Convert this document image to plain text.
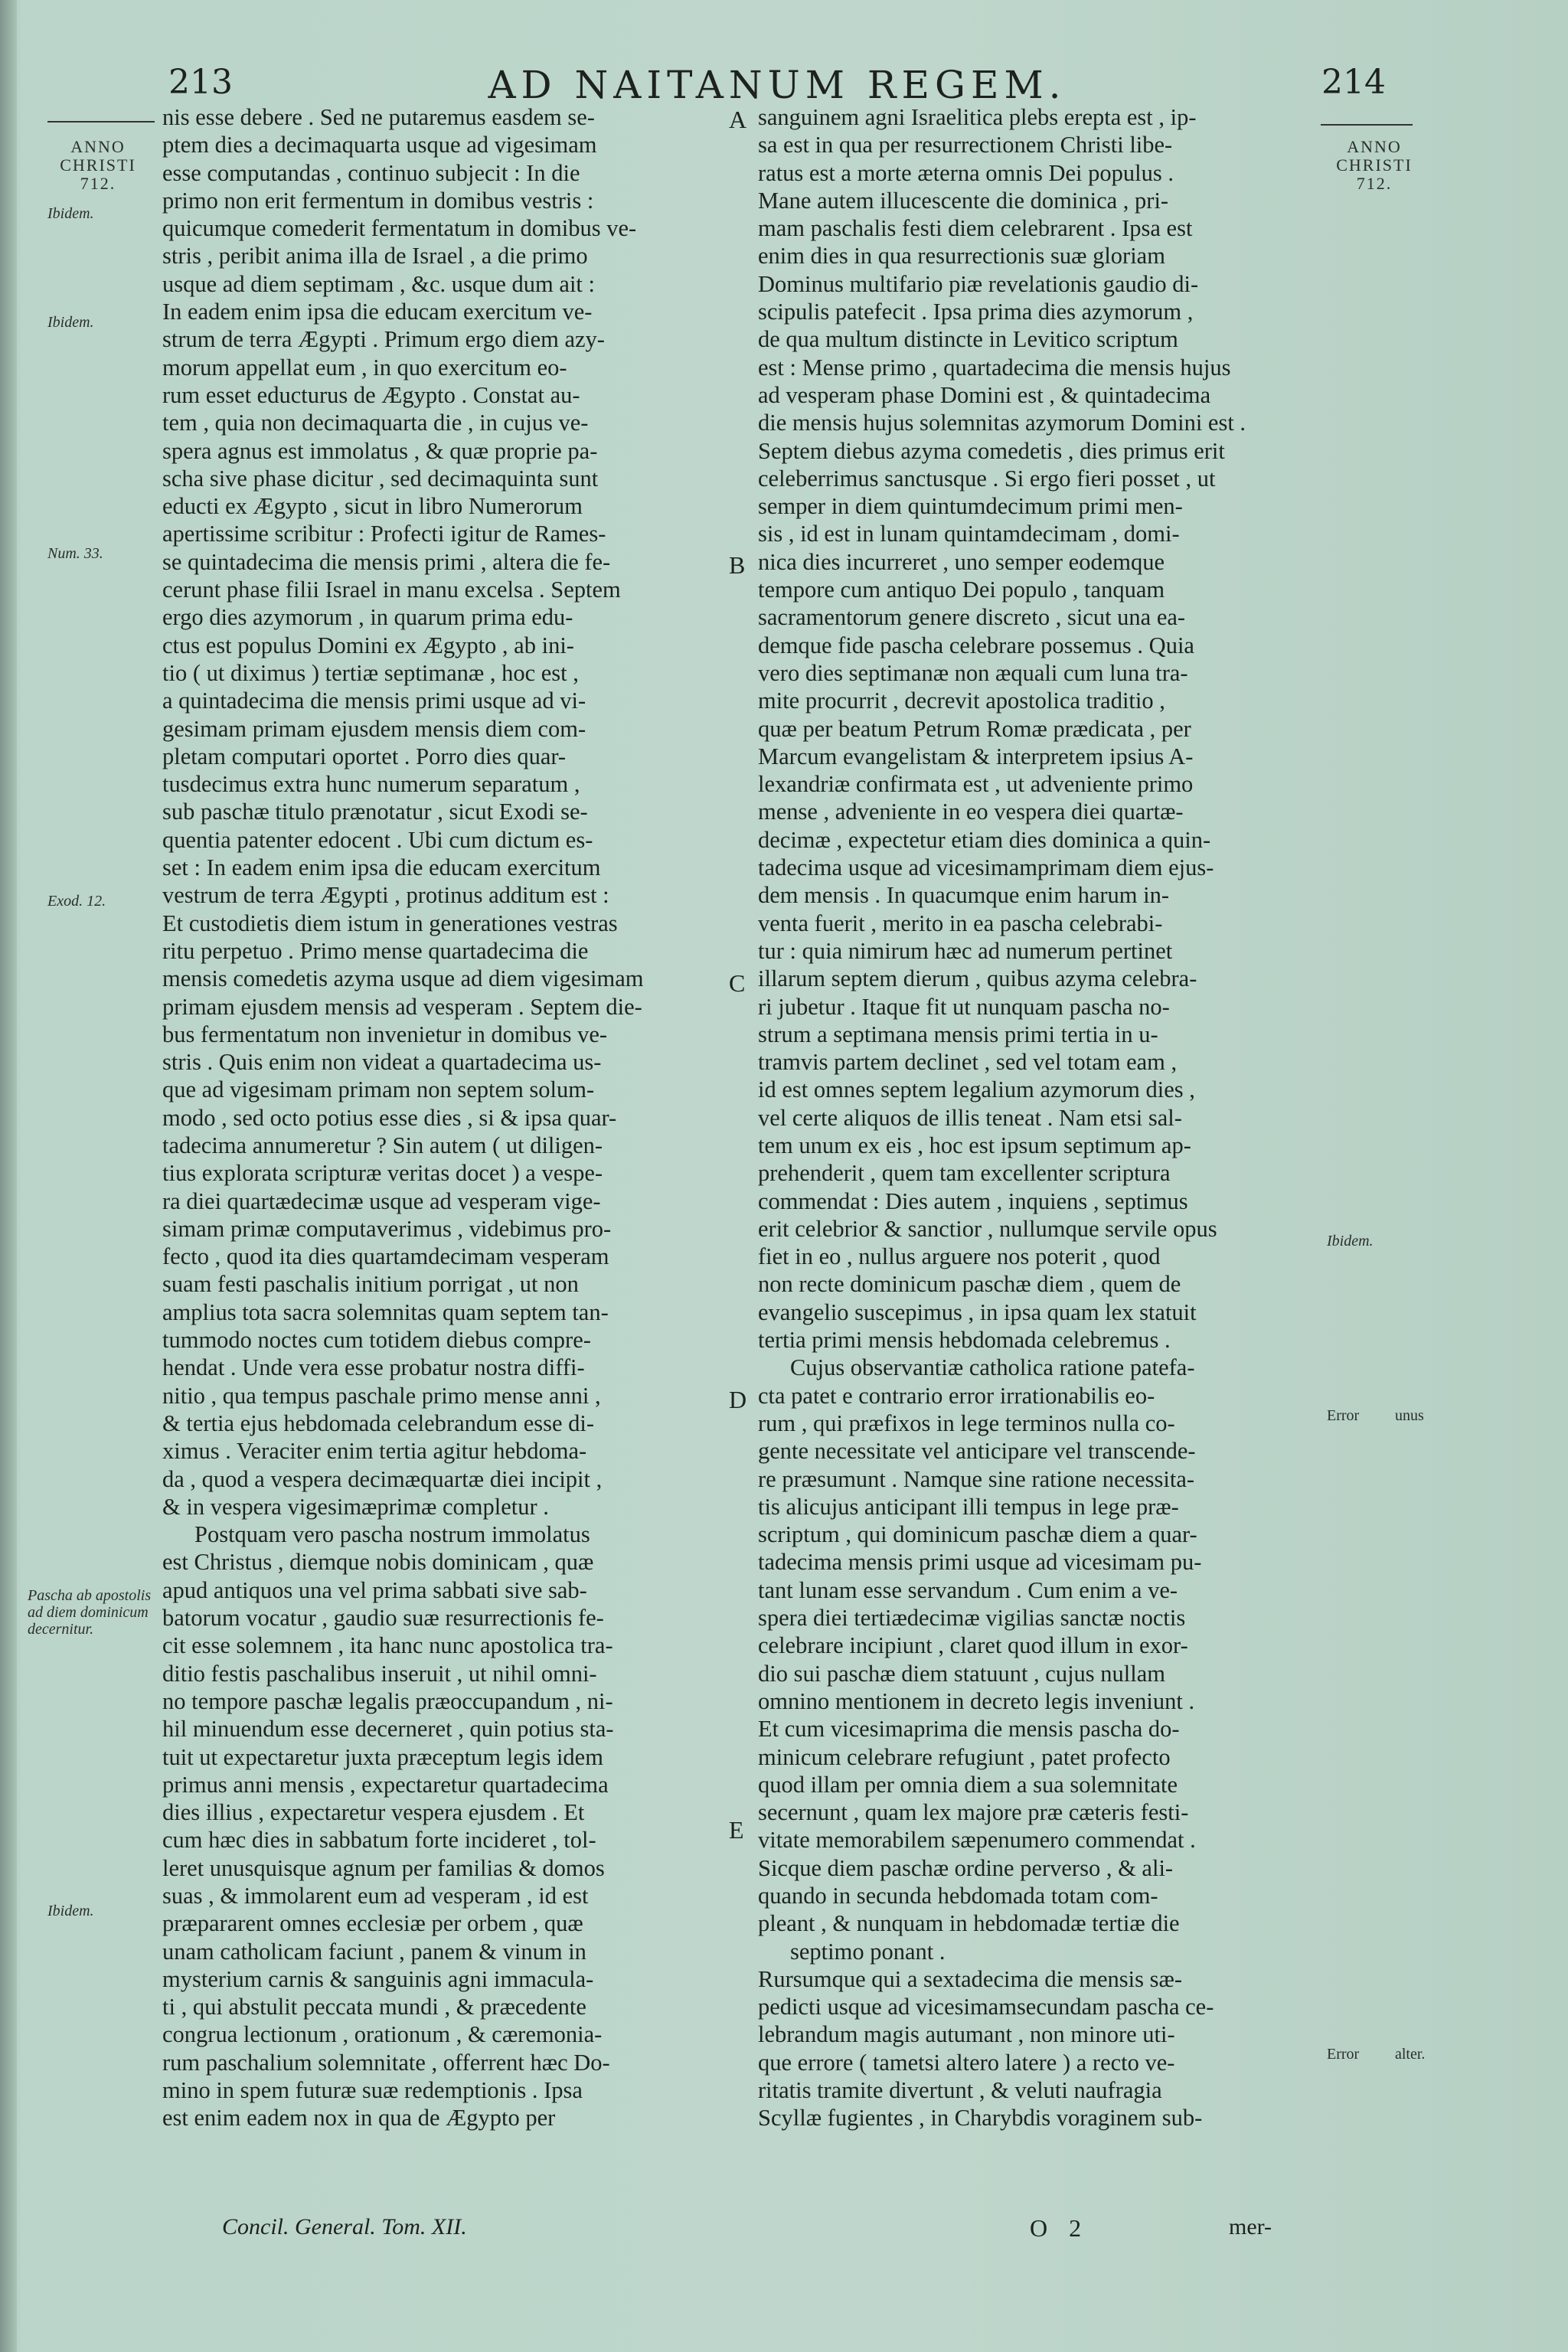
213	AD NAITANUM REGEM.	214
ANNO CHRISTI 712.
Ibidem.
Ibidem.
Num. 33.
Exod. 12.
Pascha ab apostolis ad diem dominicum decernitur.
Ibidem.
ANNO CHRISTI 712.
Ibidem.
Error unus
Error alter.
A
B
C
D
E
nis esse debere . Sed ne putaremus easdem se-
ptem dies a decimaquarta usque ad vigesimam
esse computandas , continuo subjecit : In die
primo non erit fermentum in domibus vestris :
quicumque comederit fermentatum in domibus ve-
stris , peribit anima illa de Israel , a die primo
usque ad diem septimam , &c. usque dum ait :
In eadem enim ipsa die educam exercitum ve-
strum de terra Ægypti . Primum ergo diem azy-
morum appellat eum , in quo exercitum eo-
rum esset educturus de Ægypto . Constat au-
tem , quia non decimaquarta die , in cujus ve-
spera agnus est immolatus , & quæ proprie pa-
scha sive phase dicitur , sed decimaquinta sunt
educti ex Ægypto , sicut in libro Numerorum
apertissime scribitur : Profecti igitur de Rames-
se quintadecima die mensis primi , altera die fe-
cerunt phase filii Israel in manu excelsa . Septem
ergo dies azymorum , in quarum prima edu-
ctus est populus Domini ex Ægypto , ab ini-
tio ( ut diximus ) tertiæ septimanæ , hoc est ,
a quintadecima die mensis primi usque ad vi-
gesimam primam ejusdem mensis diem com-
pletam computari oportet . Porro dies quar-
tusdecimus extra hunc numerum separatum ,
sub paschæ titulo prænotatur , sicut Exodi se-
quentia patenter edocent . Ubi cum dictum es-
set : In eadem enim ipsa die educam exercitum
vestrum de terra Ægypti , protinus additum est :
Et custodietis diem istum in generationes vestras
ritu perpetuo . Primo mense quartadecima die
mensis comedetis azyma usque ad diem vigesimam
primam ejusdem mensis ad vesperam . Septem die-
bus fermentatum non invenietur in domibus ve-
stris . Quis enim non videat a quartadecima us-
que ad vigesimam primam non septem solum-
modo , sed octo potius esse dies , si & ipsa quar-
tadecima annumeretur ? Sin autem ( ut diligen-
tius explorata scripturæ veritas docet ) a vespe-
ra diei quartædecimæ usque ad vesperam vige-
simam primæ computaverimus , videbimus pro-
fecto , quod ita dies quartamdecimam vesperam
suam festi paschalis initium porrigat , ut non
amplius tota sacra solemnitas quam septem tan-
tummodo noctes cum totidem diebus compre-
hendat . Unde vera esse probatur nostra diffi-
nitio , qua tempus paschale primo mense anni ,
& tertia ejus hebdomada celebrandum esse di-
ximus . Veraciter enim tertia agitur hebdoma-
da , quod a vespera decimæquartæ diei incipit ,
& in vespera vigesimæprimæ completur .
Postquam vero pascha nostrum immolatus
est Christus , diemque nobis dominicam , quæ
apud antiquos una vel prima sabbati sive sab-
batorum vocatur , gaudio suæ resurrectionis fe-
cit esse solemnem , ita hanc nunc apostolica tra-
ditio festis paschalibus inseruit , ut nihil omni-
no tempore paschæ legalis præoccupandum , ni-
hil minuendum esse decerneret , quin potius sta-
tuit ut expectaretur juxta præceptum legis idem
primus anni mensis , expectaretur quartadecima
dies illius , expectaretur vespera ejusdem . Et
cum hæc dies in sabbatum forte incideret , tol-
leret unusquisque agnum per familias & domos
suas , & immolarent eum ad vesperam , id est
præpararent omnes ecclesiæ per orbem , quæ
unam catholicam faciunt , panem & vinum in
mysterium carnis & sanguinis agni immacula-
ti , qui abstulit peccata mundi , & præcedente
congrua lectionum , orationum , & cæremonia-
rum paschalium solemnitate , offerrent hæc Do-
mino in spem futuræ suæ redemptionis . Ipsa
est enim eadem nox in qua de Ægypto per
sanguinem agni Israelitica plebs erepta est , ip-
sa est in qua per resurrectionem Christi libe-
ratus est a morte æterna omnis Dei populus .
Mane autem illucescente die dominica , pri-
mam paschalis festi diem celebrarent . Ipsa est
enim dies in qua resurrectionis suæ gloriam
Dominus multifario piæ revelationis gaudio di-
scipulis patefecit . Ipsa prima dies azymorum ,
de qua multum distincte in Levitico scriptum
est : Mense primo , quartadecima die mensis hujus
ad vesperam phase Domini est , & quintadecima
die mensis hujus solemnitas azymorum Domini est .
Septem diebus azyma comedetis , dies primus erit
celeberrimus sanctusque . Si ergo fieri posset , ut
semper in diem quintumdecimum primi men-
sis , id est in lunam quintamdecimam , domi-
nica dies incurreret , uno semper eodemque
tempore cum antiquo Dei populo , tanquam
sacramentorum genere discreto , sicut una ea-
demque fide pascha celebrare possemus . Quia
vero dies septimanæ non æquali cum luna tra-
mite procurrit , decrevit apostolica traditio ,
quæ per beatum Petrum Romæ prædicata , per
Marcum evangelistam & interpretem ipsius A-
lexandriæ confirmata est , ut adveniente primo
mense , adveniente in eo vespera diei quartæ-
decimæ , expectetur etiam dies dominica a quin-
tadecima usque ad vicesimamprimam diem ejus-
dem mensis . In quacumque enim harum in-
venta fuerit , merito in ea pascha celebrabi-
tur : quia nimirum hæc ad numerum pertinet
illarum septem dierum , quibus azyma celebra-
ri jubetur . Itaque fit ut nunquam pascha no-
strum a septimana mensis primi tertia in u-
tramvis partem declinet , sed vel totam eam ,
id est omnes septem legalium azymorum dies ,
vel certe aliquos de illis teneat . Nam etsi sal-
tem unum ex eis , hoc est ipsum septimum ap-
prehenderit , quem tam excellenter scriptura
commendat : Dies autem , inquiens , septimus
erit celebrior & sanctior , nullumque servile opus
fiet in eo , nullus arguere nos poterit , quod
non recte dominicum paschæ diem , quem de
evangelio suscepimus , in ipsa quam lex statuit
tertia primi mensis hebdomada celebremus .
Cujus observantiæ catholica ratione patefa-
cta patet e contrario error irrationabilis eo-
rum , qui præfixos in lege terminos nulla co-
gente necessitate vel anticipare vel transcende-
re præsumunt . Namque sine ratione necessita-
tis alicujus anticipant illi tempus in lege præ-
scriptum , qui dominicum paschæ diem a quar-
tadecima mensis primi usque ad vicesimam pu-
tant lunam esse servandum . Cum enim a ve-
spera diei tertiædecimæ vigilias sanctæ noctis
celebrare incipiunt , claret quod illum in exor-
dio sui paschæ diem statuunt , cujus nullam
omnino mentionem in decreto legis inveniunt .
Et cum vicesimaprima die mensis pascha do-
minicum celebrare refugiunt , patet profecto
quod illam per omnia diem a sua solemnitate
secernunt , quam lex majore præ cæteris festi-
vitate memorabilem sæpenumero commendat .
Sicque diem paschæ ordine perverso , & ali-
quando in secunda hebdomada totam com-
pleant , & nunquam in hebdomadæ tertiæ die
septimo ponant .
Rursumque qui a sextadecima die mensis sæ-
pedicti usque ad vicesimamsecundam pascha ce-
lebrandum magis autumant , non minore uti-
que errore ( tametsi altero latere ) a recto ve-
ritatis tramite divertunt , & veluti naufragia
Scyllæ fugientes , in Charybdis voraginem sub-
Concil. General. Tom. XII.	O 2	mer-
